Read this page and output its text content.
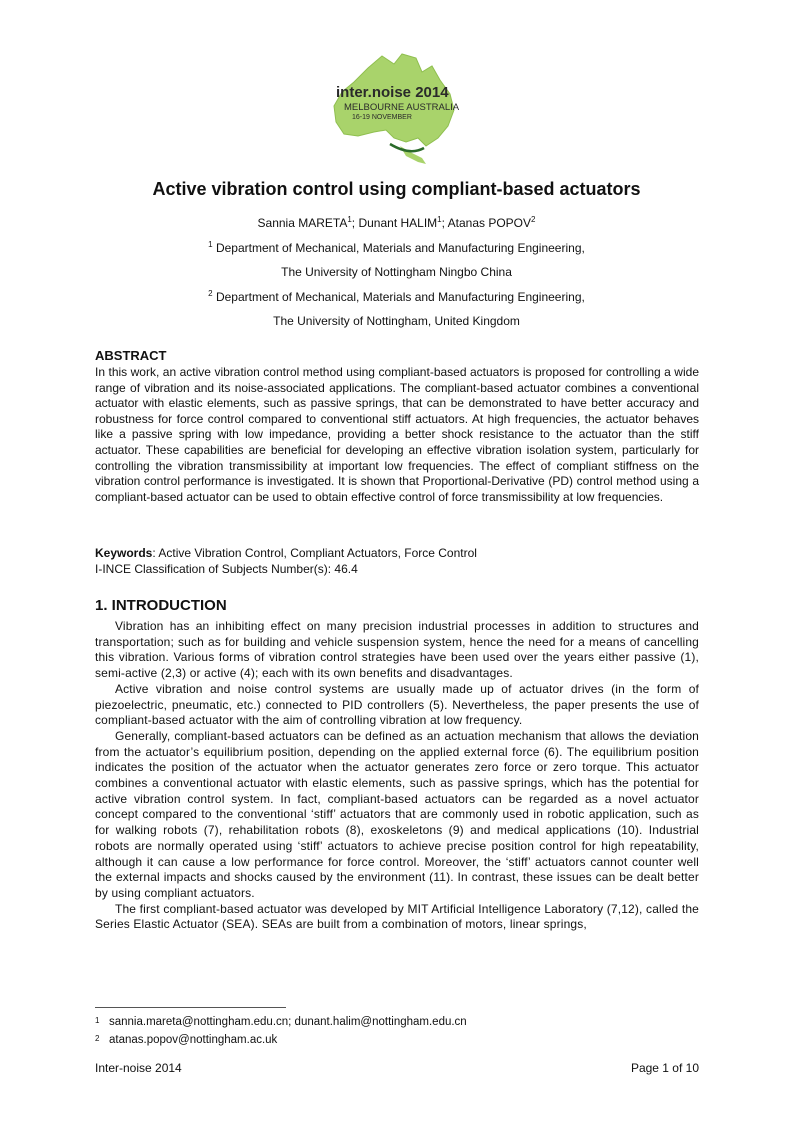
inter.noise 2014
MELBOURNE AUSTRALIA
16-19 NOVEMBER
Active vibration control using compliant-based actuators
Sannia MARETA$^1$; Dunant HALIM$^1$; Atanas POPOV$^2$
$^1$ Department of Mechanical, Materials and Manufacturing Engineering,
The University of Nottingham Ningbo China
$^2$ Department of Mechanical, Materials and Manufacturing Engineering,
The University of Nottingham, United Kingdom
ABSTRACT
In this work, an active vibration control method using compliant-based actuators is proposed for controlling a wide range of vibration and its noise-associated applications. The compliant-based actuator combines a conventional actuator with elastic elements, such as passive springs, that can be demonstrated to have better accuracy and robustness for force control compared to conventional stiff actuators. At high frequencies, the actuator behaves like a passive spring with low impedance, providing a better shock resistance to the actuator than the stiff actuator. These capabilities are beneficial for developing an effective vibration isolation system, particularly for controlling the vibration transmissibility at important low frequencies. The effect of compliant stiffness on the vibration control performance is investigated. It is shown that Proportional-Derivative (PD) control method using a compliant-based actuator can be used to obtain effective control of force transmissibility at low frequencies.
Keywords: Active Vibration Control, Compliant Actuators, Force Control
I-INCE Classification of Subjects Number(s): 46.4
1. INTRODUCTION

Vibration has an inhibiting effect on many precision industrial processes in addition to structures and transportation; such as for building and vehicle suspension system, hence the need for a means of cancelling this vibration. Various forms of vibration control strategies have been used over the years either passive (1), semi-active (2,3) or active (4); each with its own benefits and disadvantages.

Active vibration and noise control systems are usually made up of actuator drives (in the form of piezoelectric, pneumatic, etc.) connected to PID controllers (5). Nevertheless, the paper presents the use of compliant-based actuator with the aim of controlling vibration at low frequency.

Generally, compliant-based actuators can be defined as an actuation mechanism that allows the deviation from the actuator’s equilibrium position, depending on the applied external force (6). The equilibrium position indicates the position of the actuator when the actuator generates zero force or zero torque. This actuator combines a conventional actuator with elastic elements, such as passive springs, which has the potential for active vibration control system. In fact, compliant-based actuators can be regarded as a novel actuator concept compared to the conventional ‘stiff’ actuators that are commonly used in robotic application, such as for walking robots (7), rehabilitation robots (8), exoskeletons (9) and medical applications (10). Industrial robots are normally operated using ‘stiff’ actuators to achieve precise position control for high repeatability, although it can cause a low performance for force control. Moreover, the ‘stiff’ actuators cannot counter well the external impacts and shocks caused by the environment (11). In contrast, these issues can be dealt better by using compliant actuators.

The first compliant-based actuator was developed by MIT Artificial Intelligence Laboratory (7,12), called the Series Elastic Actuator (SEA). SEAs are built from a combination of motors, linear springs,

1 sannia.mareta@nottingham.edu.cn; dunant.halim@nottingham.edu.cn
2 atanas.popov@nottingham.ac.uk
Inter-noise 2014	Page 1 of 10
